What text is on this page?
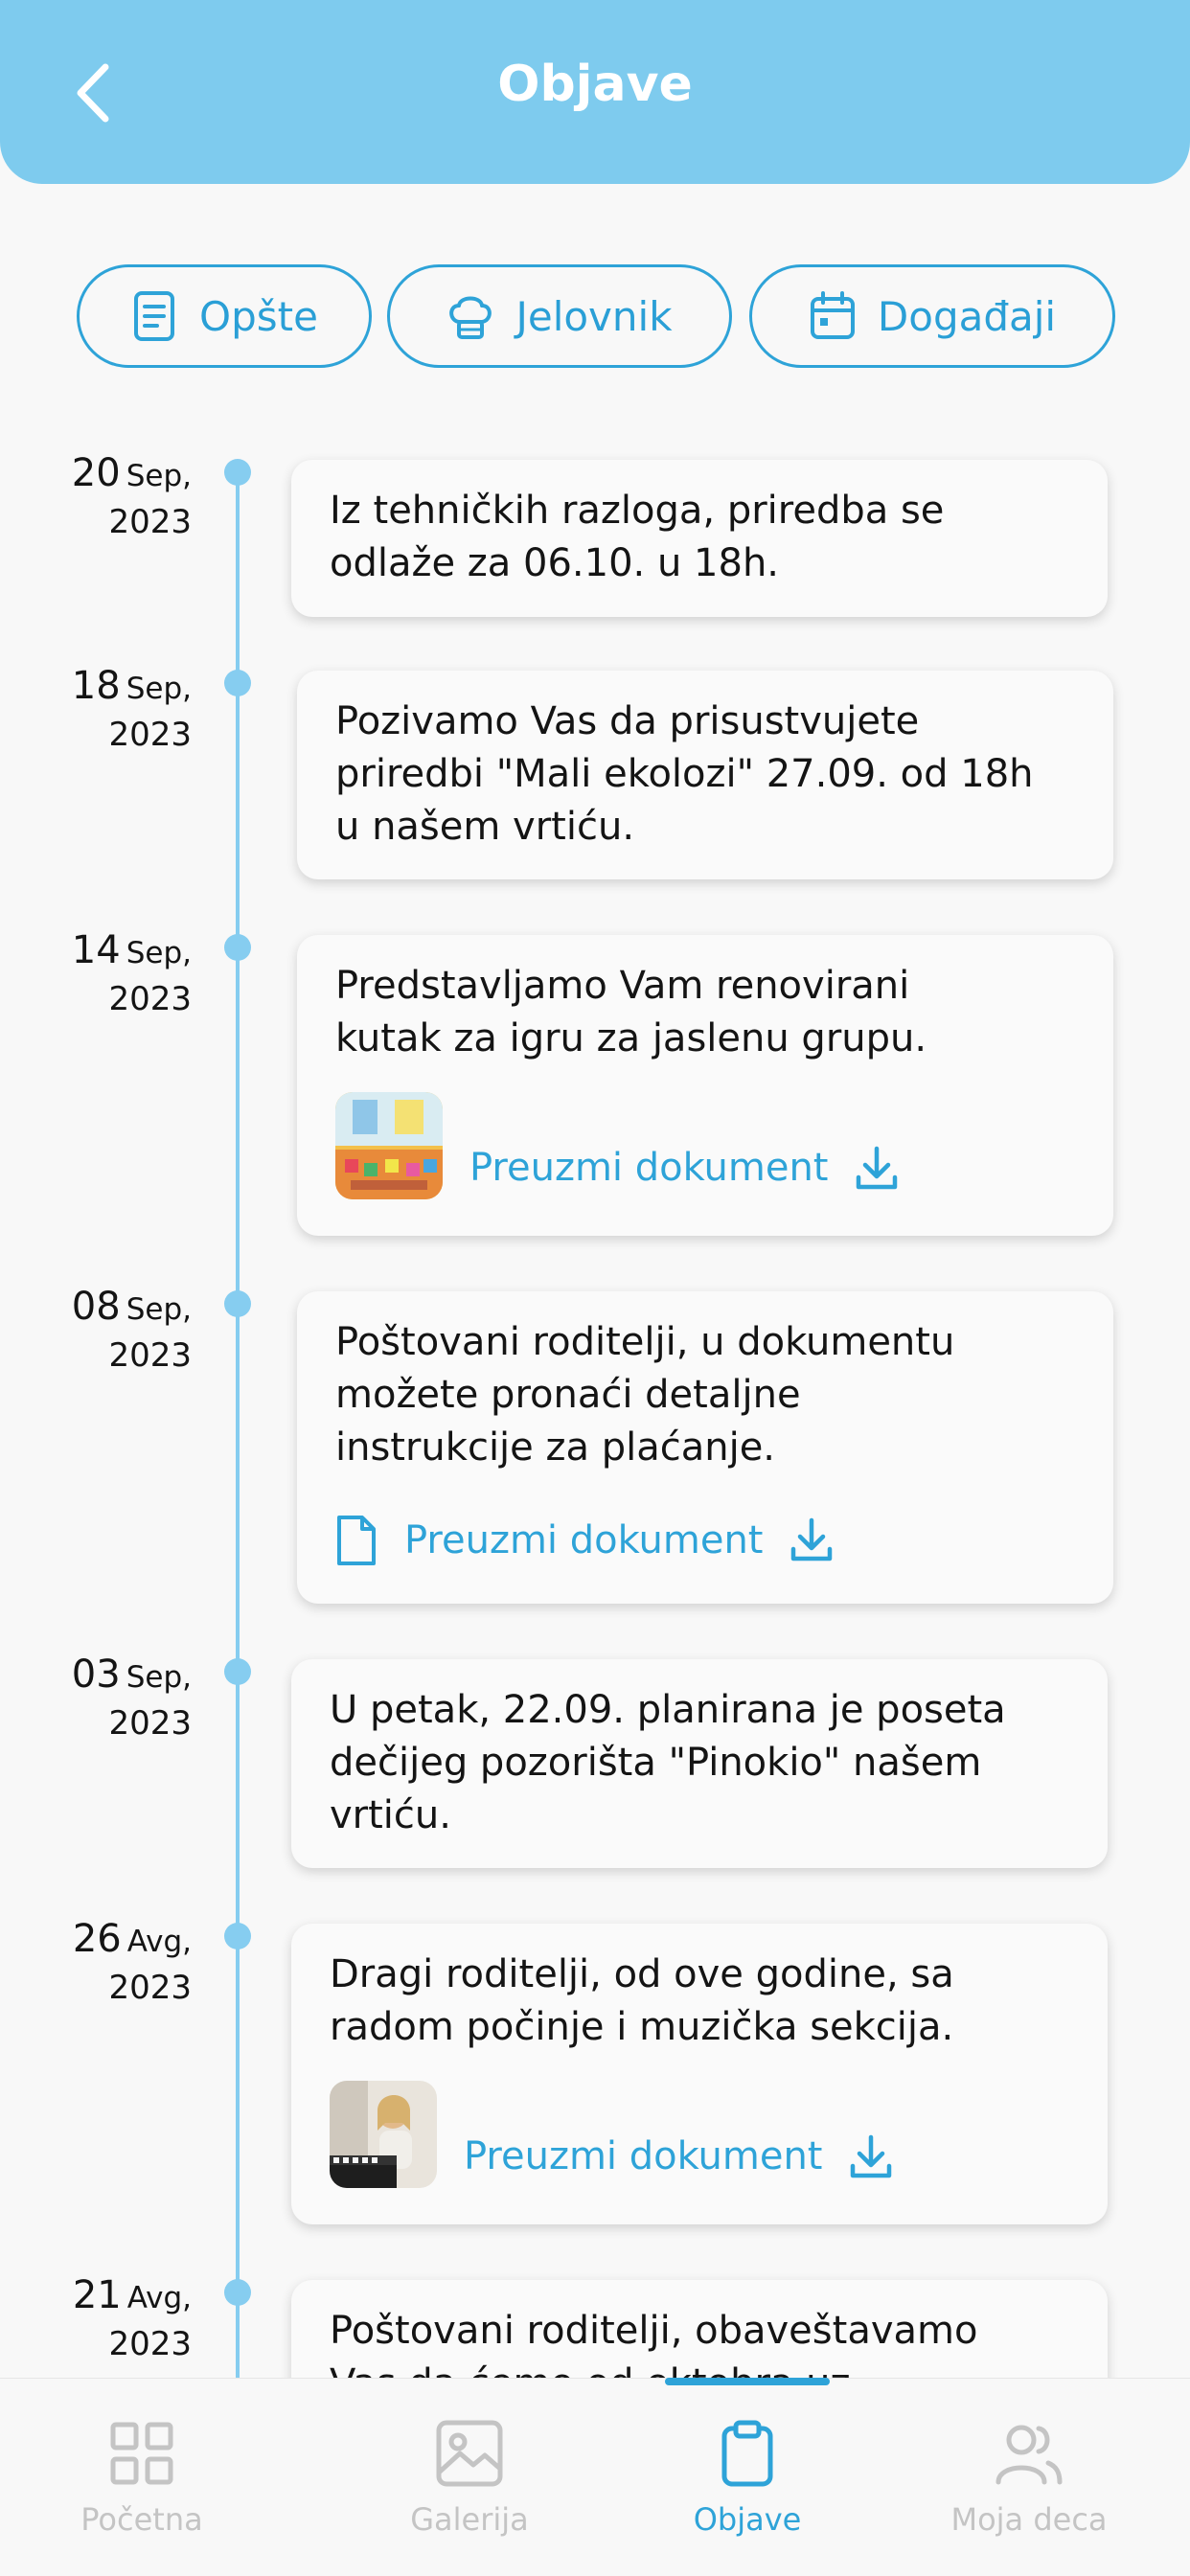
Objave
Opšte	Jelovnik	Događaji
20 Sep,
2023	Iz tehničkih razloga, priredba se
odlaže za 06.10. u 18h.
18 Sep,
2023	Pozivamo Vas da prisustvujete
priredbi "Mali ekolozi" 27.09. od 18h
u našem vrtiću.
14 Sep,
2023	Predstavljamo Vam renovirani
kutak za igru za jaslenu grupu.
Preuzmi dokument
08 Sep,
2023	Poštovani roditelji, u dokumentu
možete pronaći detaljne
instrukcije za plaćanje.
Preuzmi dokument
03 Sep,
2023	U petak, 22.09. planirana je poseta
dečijeg pozorišta "Pinokio" našem
vrtiću.
26 Avg,
2023	Dragi roditelji, od ove godine, sa
radom počinje i muzička sekcija.
Preuzmi dokument
21 Avg,
2023	Poštovani roditelji, obaveštavamo

Početna	Galerija	Objave	Moja deca
